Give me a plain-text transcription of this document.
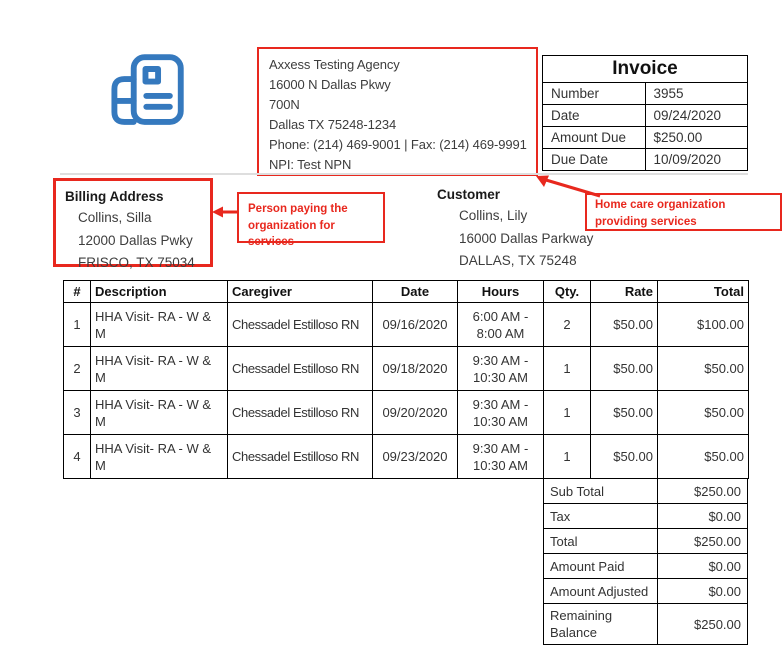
Axxess Testing Agency
16000 N Dallas Pkwy
700N
Dallas TX 75248-1234
Phone: (214) 469-9001 | Fax: (214) 469-9991
NPI: Test NPN
Invoice	
Number	3955
Date	09/24/2020
Amount Due	$250.00
Due Date	10/09/2020
Billing Address
Collins, Silla
12000 Dallas Pwky
FRISCO, TX 75034
Customer
Collins, Lily
16000 Dallas Parkway
DALLAS, TX 75248
Person paying the organization for services
Home care organization providing services
#	Description	Caregiver	Date	Hours	Qty.	Rate	Total
1	HHA Visit- RA - W & M	Chessadel Estilloso RN	09/16/2020	6:00 AM - 8:00 AM	2	$50.00	$100.00
2	HHA Visit- RA - W & M	Chessadel Estilloso RN	09/18/2020	9:30 AM - 10:30 AM	1	$50.00	$50.00
3	HHA Visit- RA - W & M	Chessadel Estilloso RN	09/20/2020	9:30 AM - 10:30 AM	1	$50.00	$50.00
4	HHA Visit- RA - W & M	Chessadel Estilloso RN	09/23/2020	9:30 AM - 10:30 AM	1	$50.00	$50.00
Sub Total	$250.00
Tax	$0.00
Total	$250.00
Amount Paid	$0.00
Amount Adjusted	$0.00
Remaining Balance	$250.00
